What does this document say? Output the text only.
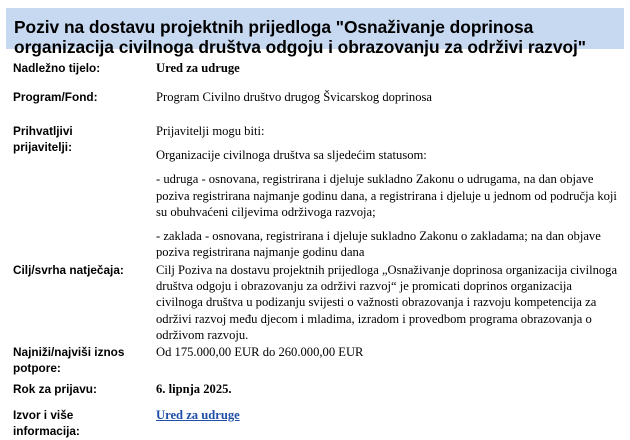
Poziv na dostavu projektnih prijedloga "Osnaživanje doprinosa organizacija civilnoga društva odgoju i obrazovanju za održivi razvoj"
Nadležno tijelo:	Ured za udruge
Program/Fond:	Program Civilno društvo drugog Švicarskog doprinosa
Prihvatljivi prijavitelji:

Prijavitelji mogu biti:

Organizacije civilnoga društva sa sljedećim statusom:

- udruga - osnovana, registrirana i djeluje sukladno Zakonu o udrugama, na dan objave poziva registrirana najmanje godinu dana, a registrirana i djeluje u jednom od područja koji su obuhvaćeni ciljevima održivoga razvoja;

- zaklada - osnovana, registrirana i djeluje sukladno Zakonu o zakladama; na dan objave poziva registrirana najmanje godinu dana

Cilj/svrha natječaja:	Cilj Poziva na dostavu projektnih prijedloga „Osnaživanje doprinosa organizacija civilnoga društva odgoju i obrazovanju za održivi razvoj“ je promicati doprinos organizacija civilnoga društva u podizanju svijesti o važnosti obrazovanja i razvoju kompetencija za održivi razvoj među djecom i mladima, izradom i provedbom programa obrazovanja o održivom razvoju.
Najniži/najviši iznos potpore:
Od 175.000,00 EUR do 260.000,00 EUR
Rok za prijavu:	6. lipnja 2025.
Izvor i više informacija:
Ured za udruge
